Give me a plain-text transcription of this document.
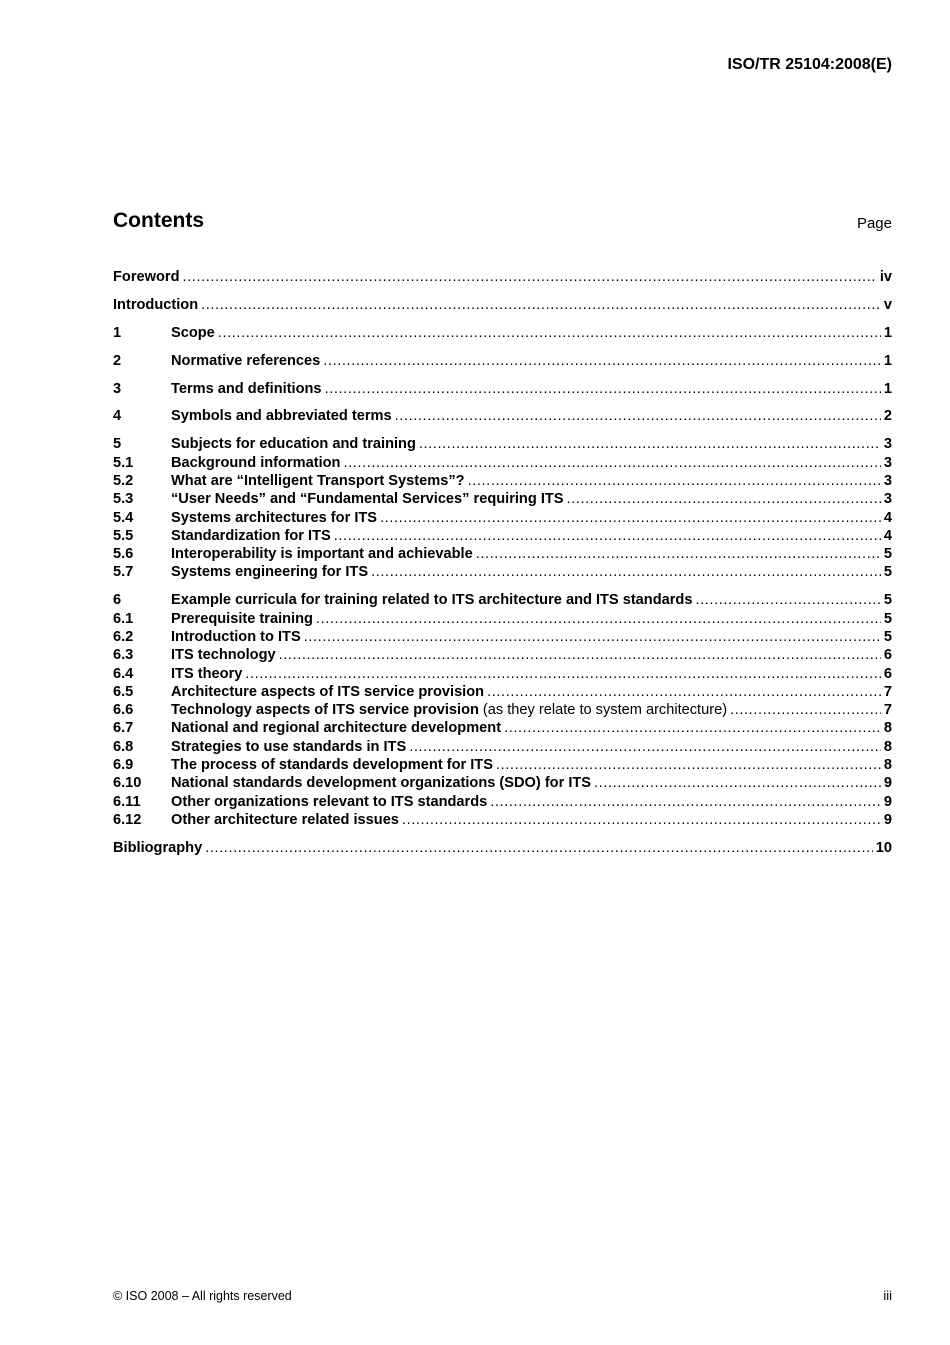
ISO/TR 25104:2008(E)
Contents	Page
Foreword .....	iv
Introduction .....	v
1	Scope .....	1
2	Normative references .....	1
3	Terms and definitions .....	1
4	Symbols and abbreviated terms .....	2
5	Subjects for education and training .....	3
5.1	Background information .....	3
5.2	What are “Intelligent Transport Systems”? .....	3
5.3	“User Needs” and “Fundamental Services” requiring ITS .....	3
5.4	Systems architectures for ITS .....	4
5.5	Standardization for ITS .....	4
5.6	Interoperability is important and achievable .....	5
5.7	Systems engineering for ITS .....	5
6	Example curricula for training related to ITS architecture and ITS standards .....	5
6.1	Prerequisite training .....	5
6.2	Introduction to ITS .....	5
6.3	ITS technology .....	6
6.4	ITS theory .....	6
6.5	Architecture aspects of ITS service provision .....	7
6.6	Technology aspects of ITS service provision (as they relate to system architecture) .....	7
6.7	National and regional architecture development .....	8
6.8	Strategies to use standards in ITS .....	8
6.9	The process of standards development for ITS .....	8
6.10	National standards development organizations (SDO) for ITS .....	9
6.11	Other organizations relevant to ITS standards .....	9
6.12	Other architecture related issues .....	9
Bibliography .....	10
© ISO 2008 – All rights reserved	iii
